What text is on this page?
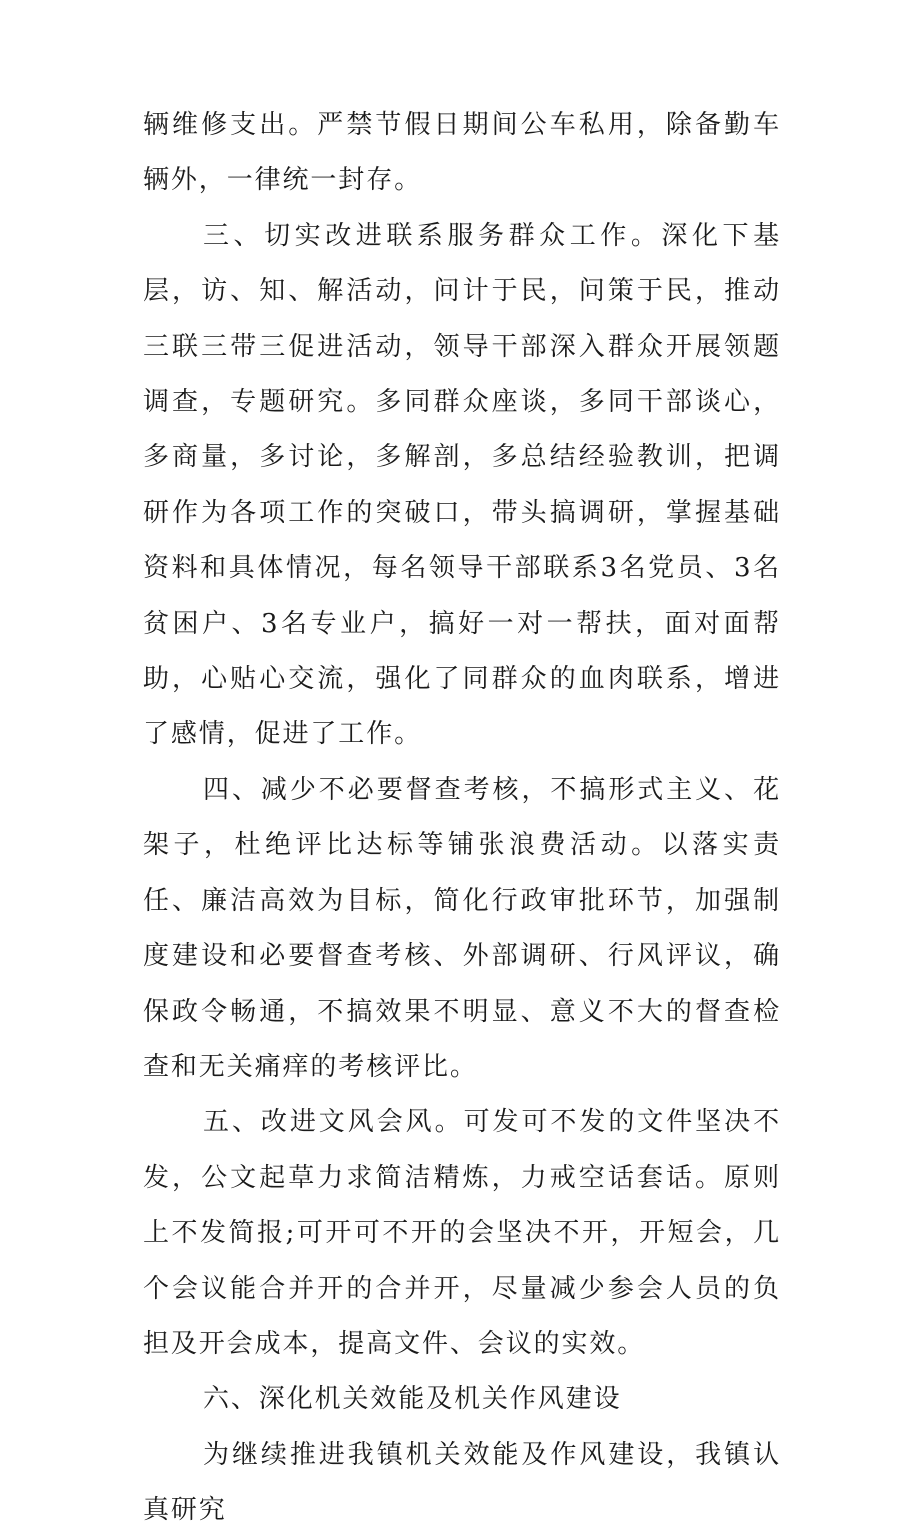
辆维修支出。严禁节假日期间公车私用，除备勤车辆外，一律统一封存。

三、切实改进联系服务群众工作。深化下基层，访、知、解活动，问计于民，问策于民，推动三联三带三促进活动，领导干部深入群众开展领题调查，专题研究。多同群众座谈，多同干部谈心，多商量，多讨论，多解剖，多总结经验教训，把调研作为各项工作的突破口，带头搞调研，掌握基础资料和具体情况，每名领导干部联系3名党员、3名贫困户、3名专业户，搞好一对一帮扶，面对面帮助，心贴心交流，强化了同群众的血肉联系，增进了感情，促进了工作。

四、减少不必要督查考核，不搞形式主义、花架子，杜绝评比达标等铺张浪费活动。以落实责任、廉洁高效为目标，简化行政审批环节，加强制度建设和必要督查考核、外部调研、行风评议，确保政令畅通，不搞效果不明显、意义不大的督查检查和无关痛痒的考核评比。

五、改进文风会风。可发可不发的文件坚决不发，公文起草力求简洁精炼，力戒空话套话。原则上不发简报;可开可不开的会坚决不开，开短会，几个会议能合并开的合并开，尽量减少参会人员的负担及开会成本，提高文件、会议的实效。

六、深化机关效能及机关作风建设

为继续推进我镇机关效能及作风建设，我镇认真研究
